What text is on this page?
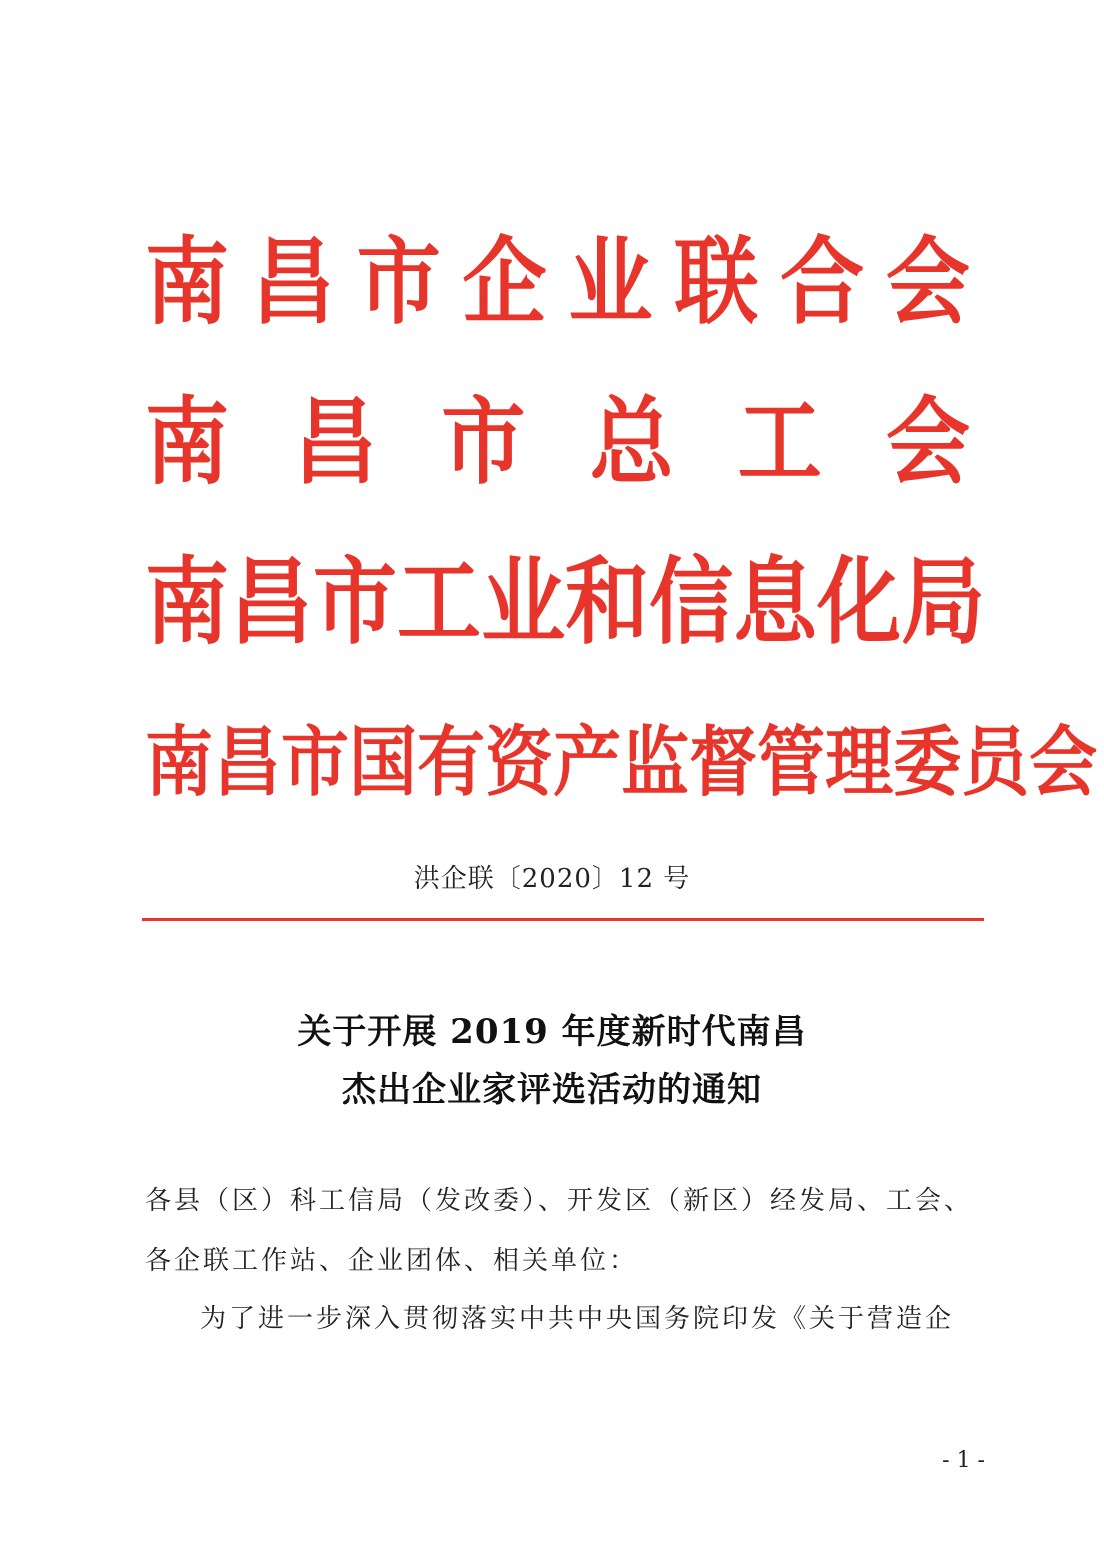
南 昌 市 企 业 联 合 会
南 昌 市 总 工 会
南 昌 市 工 业 和 信 息 化 局
南 昌 市 国 有 资 产 监 督 管 理 委 员 会
洪企联〔2020〕12 号
关于开展 2019 年度新时代南昌
杰出企业家评选活动的通知
各县（区）科工信局（发改委）、开发区（新区）经发局、工会、
各企联工作站、企业团体、相关单位：
为了进一步深入贯彻落实中共中央国务院印发《关于营造企
- 1 -
